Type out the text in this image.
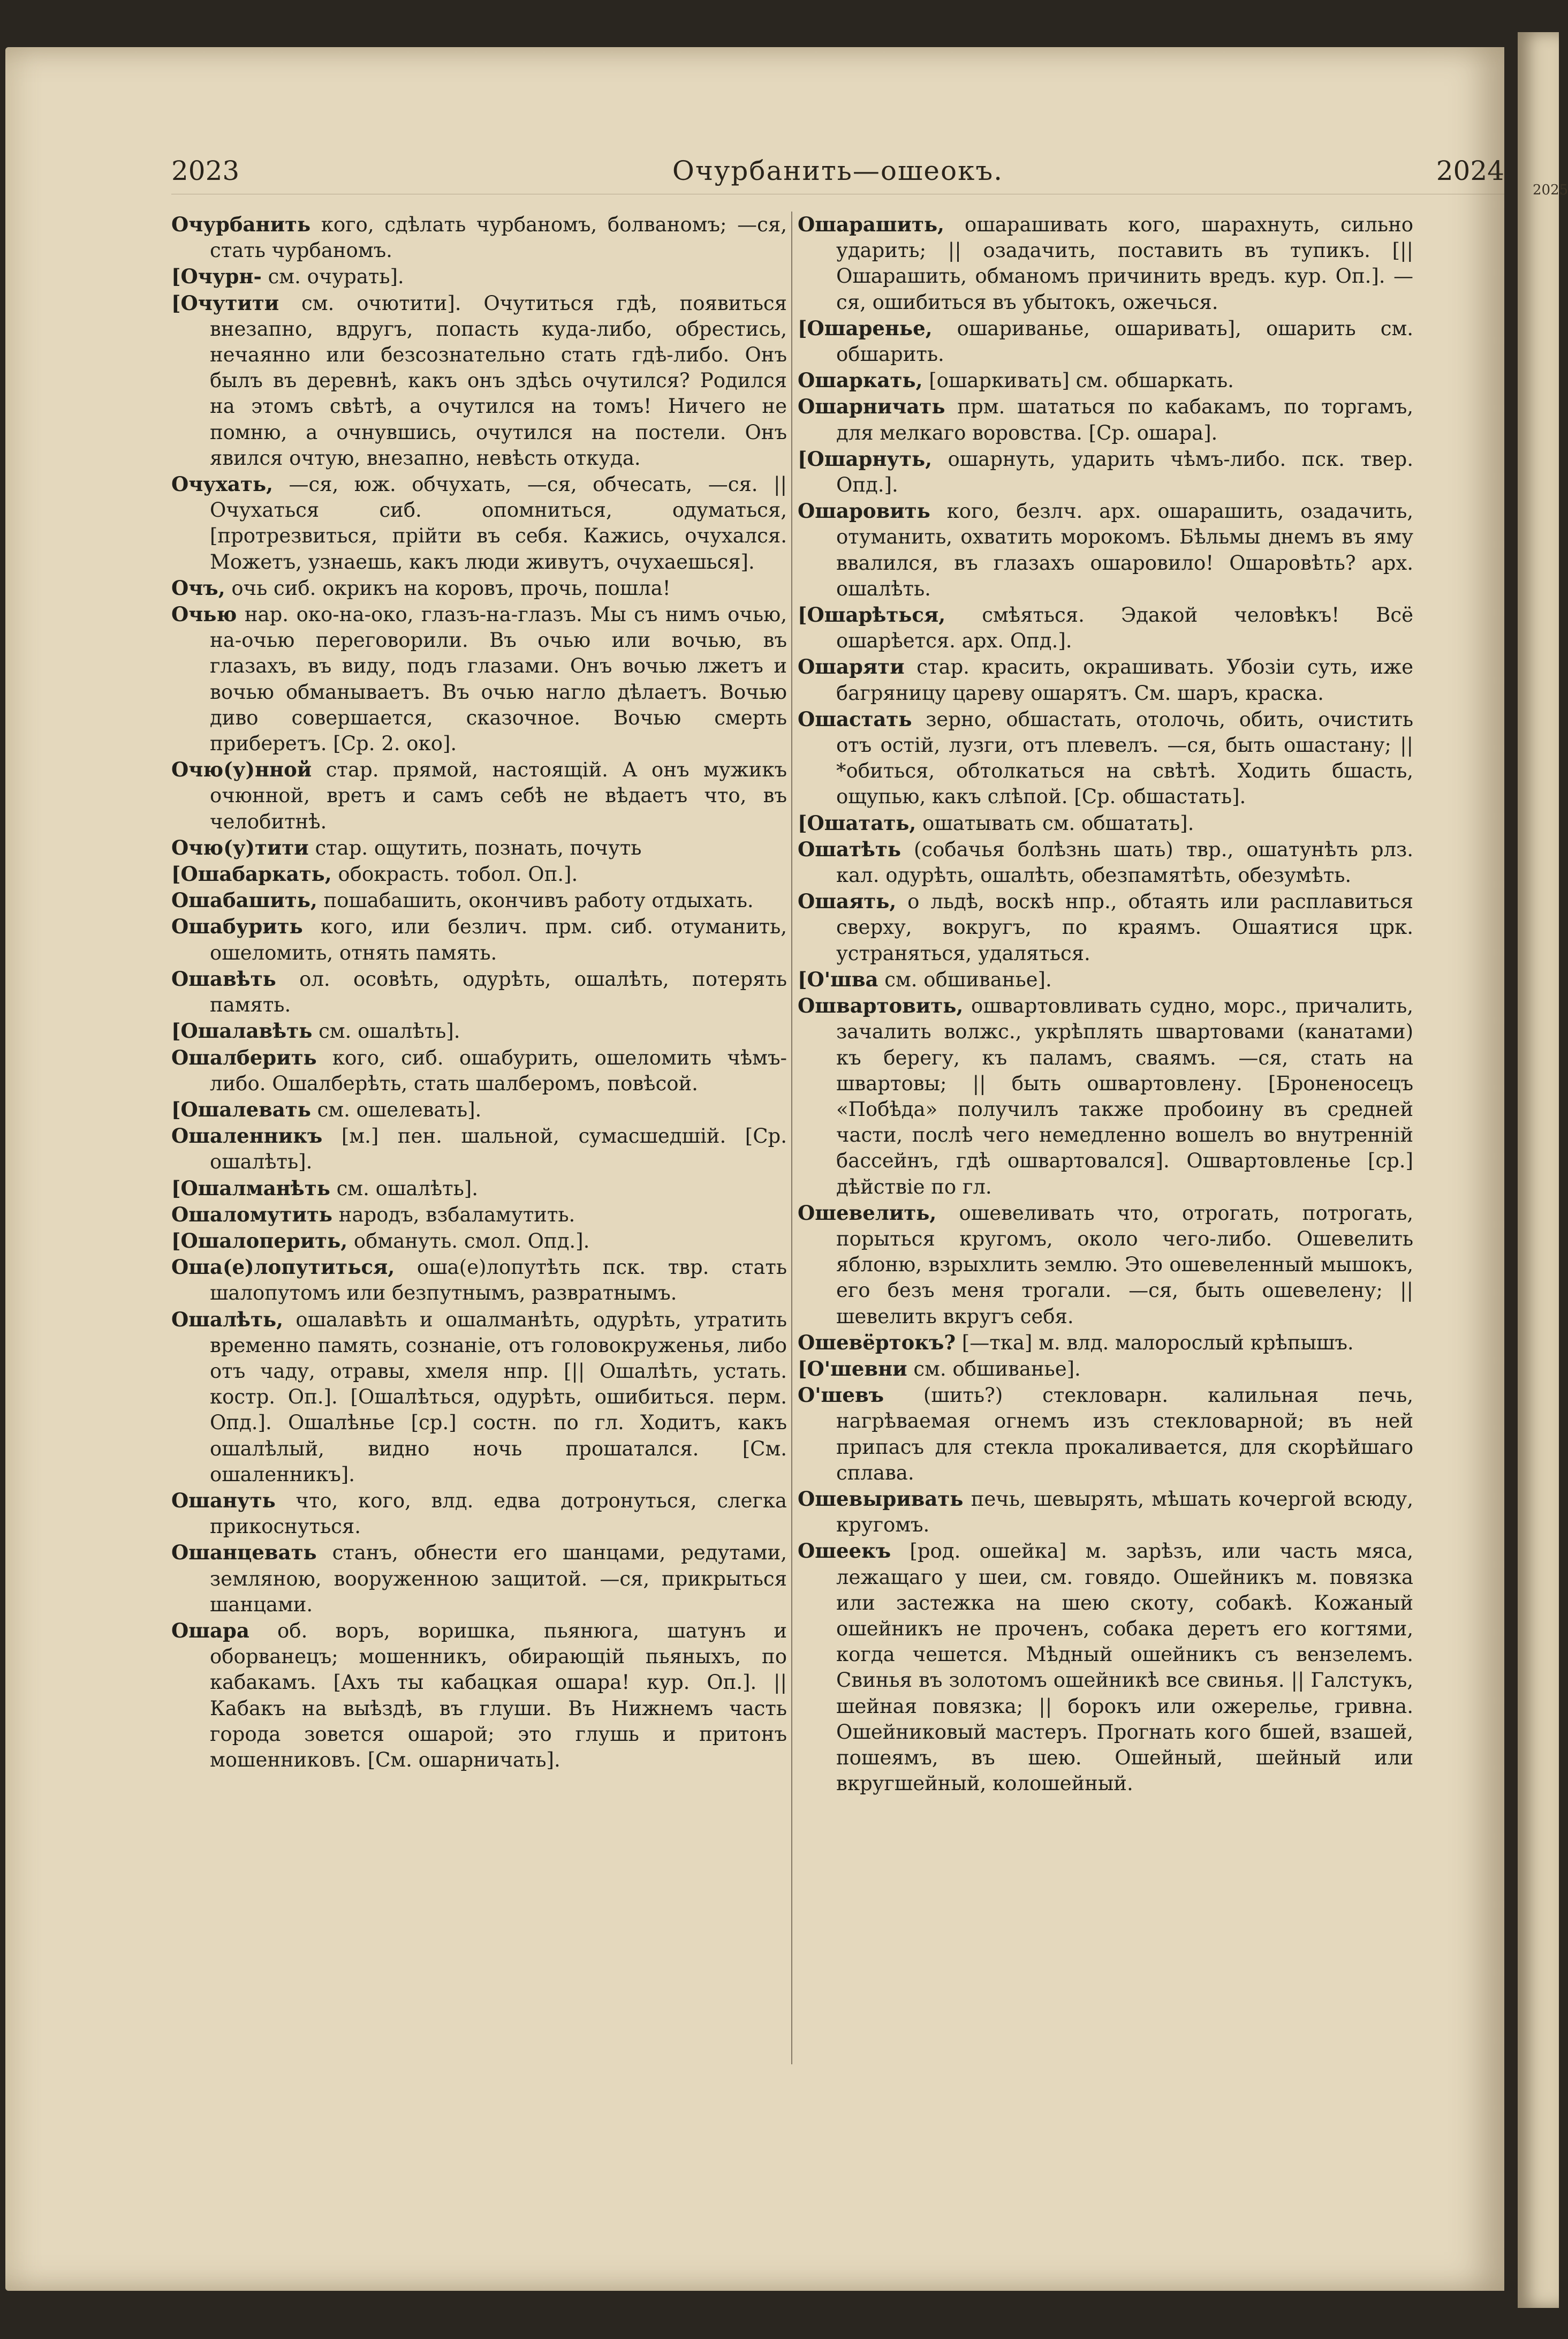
2025
2023	Очурбанить—ошеокъ.	2024

Очурбанить кого, сдѣлать чурбаномъ, болваномъ; —ся, стать чурбаномъ.

[Очурн- см. очурать].

[Очутити см. очютити]. Очутиться гдѣ, появиться внезапно, вдругъ, попасть куда-либо, обрестись, нечаянно или безсознательно стать гдѣ-либо. Онъ былъ въ деревнѣ, какъ онъ здѣсь очутился? Родился на этомъ свѣтѣ, а очутился на томъ! Ничего не помню, а очнувшись, очутился на постели. Онъ явился очтую, внезапно, невѣсть откуда.

Очухать, —ся, юж. обчухать, —ся, обчесать, —ся. || Очухаться сиб. опомниться, одуматься, [протрезвиться, прійти въ себя. Кажись, очухался. Можетъ, узнаешь, какъ люди живутъ, очухаешься].

Очъ, очь сиб. окрикъ на коровъ, прочь, пошла!

Очью нар. око-на-око, глазъ-на-глазъ. Мы съ нимъ очью, на-очью переговорили. Въ очью или вочью, въ глазахъ, въ виду, подъ глазами. Онъ вочью лжетъ и вочью обманываетъ. Въ очью нагло дѣлаетъ. Вочью диво совершается, сказочное. Вочью смерть приберетъ. [Ср. 2. око].

Очю(у)нной стар. прямой, настоящій. А онъ мужикъ очюнной, вретъ и самъ себѣ не вѣдаетъ что, въ челобитнѣ.

Очю(у)тити стар. ощутить, познать, почуть

[Ошабаркать, обокрасть. тобол. Оп.].

Ошабашить, пошабашить, окончивъ работу отдыхать.

Ошабурить кого, или безлич. прм. сиб. отуманить, ошеломить, отнять память.

Ошавѣть ол. осовѣть, одурѣть, ошалѣть, потерять память.

[Ошалавѣть см. ошалѣть].

Ошалберить кого, сиб. ошабурить, ошеломить чѣмъ-либо. Ошалберѣть, стать шалберомъ, повѣсой.

[Ошалевать см. ошелевать].

Ошаленникъ [м.] пен. шальной, сумасшедшій. [Ср. ошалѣть].

[Ошалманѣть см. ошалѣть].

Ошаломутить народъ, взбаламутить.

[Ошалоперить, обмануть. смол. Опд.].

Оша(е)лопутиться, оша(е)лопутѣть пск. твр. стать шалопутомъ или безпутнымъ, развратнымъ.

Ошалѣть, ошалавѣть и ошалманѣть, одурѣть, утратить временно память, сознаніе, отъ головокруженья, либо отъ чаду, отравы, хмеля нпр. [|| Ошалѣть, устать. костр. Оп.]. [Ошалѣться, одурѣть, ошибиться. перм. Опд.]. Ошалѣнье [ср.] состн. по гл. Ходитъ, какъ ошалѣлый, видно ночь прошатался. [См. ошаленникъ].

Ошануть что, кого, влд. едва дотронуться, слегка прикоснуться.

Ошанцевать станъ, обнести его шанцами, редутами, земляною, вооруженною защитой. —ся, прикрыться шанцами.

Ошара об. воръ, воришка, пьянюга, шатунъ и оборванецъ; мошенникъ, обирающій пьяныхъ, по кабакамъ. [Ахъ ты кабацкая ошара! кур. Оп.]. || Кабакъ на выѣздѣ, въ глуши. Въ Нижнемъ часть города зовется ошарой; это глушь и притонъ мошенниковъ. [См. ошарничать].

Ошарашить, ошарашивать кого, шарахнуть, сильно ударить; || озадачить, поставить въ тупикъ. [|| Ошарашить, обманомъ причинить вредъ. кур. Оп.]. —ся, ошибиться въ убытокъ, ожечься.

[Ошаренье, ошариванье, ошаривать], ошарить см. обшарить.

Ошаркать, [ошаркивать] см. обшаркать.

Ошарничать прм. шататься по кабакамъ, по торгамъ, для мелкаго воровства. [Ср. ошара].

[Ошарнуть, ошарнуть, ударить чѣмъ-либо. пск. твер. Опд.].

Ошаровить кого, безлч. арх. ошарашить, озадачить, отуманить, охватить морокомъ. Бѣльмы днемъ въ яму ввалился, въ глазахъ ошаровило! Ошаровѣть? арх. ошалѣть.

[Ошарѣться, смѣяться. Эдакой человѣкъ! Всё ошарѣется. арх. Опд.].

Ошаряти стар. красить, окрашивать. Убозіи суть, иже багряницу цареву ошарятъ. См. шаръ, краска.

Ошастать зерно, обшастать, отолочь, обить, очистить отъ остій, лузги, отъ плевелъ. —ся, быть ошастану; || *обиться, обтолкаться на свѣтѣ. Ходить бшасть, ощупью, какъ слѣпой. [Ср. обшастать].

[Ошатать, ошатывать см. обшатать].

Ошатѣть (собачья болѣзнь шать) твр., ошатунѣть рлз. кал. одурѣть, ошалѣть, обезпамятѣть, обезумѣть.

Ошаять, о льдѣ, воскѣ нпр., обтаять или расплавиться сверху, вокругъ, по краямъ. Ошаятися црк. устраняться, удаляться.

[О'шва см. обшиванье].

Ошвартовить, ошвартовливать судно, морс., причалить, зачалить волжс., укрѣплять швартовами (канатами) къ берегу, къ паламъ, сваямъ. —ся, стать на швартовы; || быть ошвартовлену. [Броненосецъ «Побѣда» получилъ также пробоину въ средней части, послѣ чего немедленно вошелъ во внутренній бассейнъ, гдѣ ошвартовался]. Ошвартовленье [ср.] дѣйствіе по гл.

Ошевелить, ошевеливать что, отрогать, потрогать, порыться кругомъ, около чего-либо. Ошевелить яблоню, взрыхлить землю. Это ошевеленный мышокъ, его безъ меня трогали. —ся, быть ошевелену; || шевелить вкругъ себя.

Ошевёртокъ? [—тка] м. влд. малорослый крѣпышъ.

[О'шевни см. обшиванье].

О'шевъ (шить?) стекловарн. калильная печь, нагрѣваемая огнемъ изъ стекловарной; въ ней припасъ для стекла прокаливается, для скорѣйшаго сплава.

Ошевыривать печь, шевырять, мѣшать кочергой всюду, кругомъ.

Ошеекъ [род. ошейка] м. зарѣзъ, или часть мяса, лежащаго у шеи, см. говядо. Ошейникъ м. повязка или застежка на шею скоту, собакѣ. Кожаный ошейникъ не проченъ, собака деретъ его когтями, когда чешется. Мѣдный ошейникъ съ вензелемъ. Свинья въ золотомъ ошейникѣ все свинья. || Галстукъ, шейная повязка; || борокъ или ожерелье, гривна. Ошейниковый мастеръ. Прогнать кого бшей, взашей, пошеямъ, въ шею. Ошейный, шейный или вкругшейный, колошейный.
